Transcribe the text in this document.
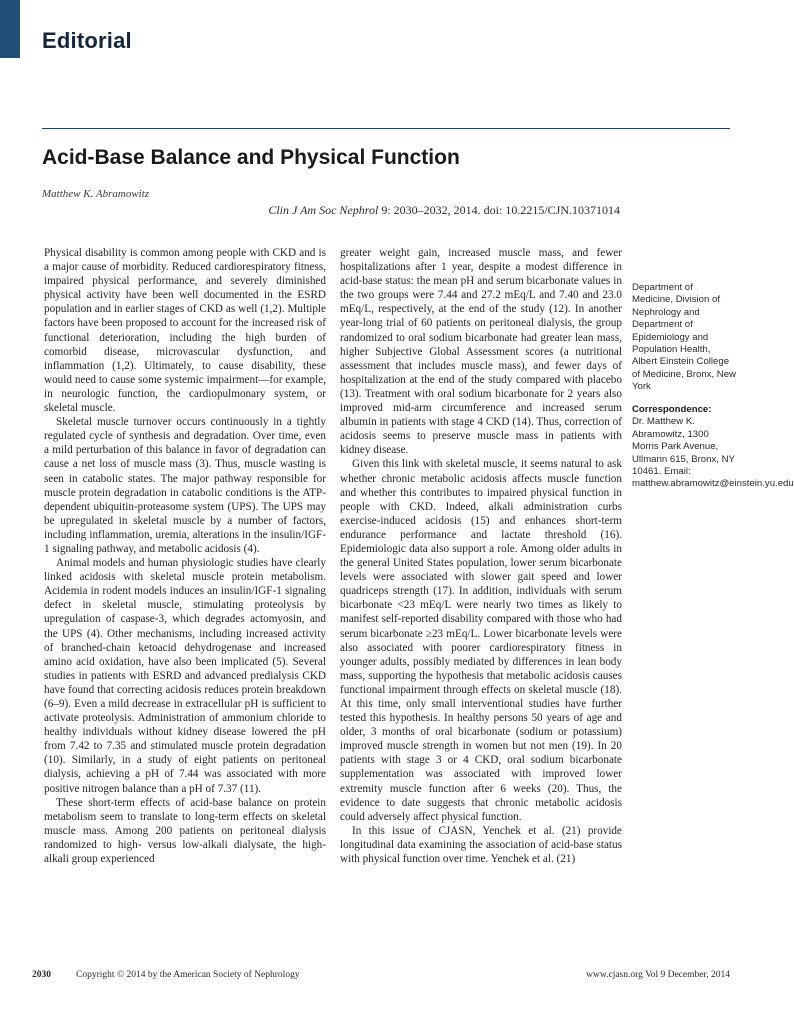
Editorial
Acid-Base Balance and Physical Function
Matthew K. Abramowitz
Clin J Am Soc Nephrol 9: 2030–2032, 2014. doi: 10.2215/CJN.10371014

Physical disability is common among people with CKD and is a major cause of morbidity. Reduced cardiorespiratory fitness, impaired physical performance, and severely diminished physical activity have been well documented in the ESRD population and in earlier stages of CKD as well (1,2). Multiple factors have been proposed to account for the increased risk of functional deterioration, including the high burden of comorbid disease, microvascular dysfunction, and inflammation (1,2). Ultimately, to cause disability, these would need to cause some systemic impairment—for example, in neurologic function, the cardiopulmonary system, or skeletal muscle.

Skeletal muscle turnover occurs continuously in a tightly regulated cycle of synthesis and degradation. Over time, even a mild perturbation of this balance in favor of degradation can cause a net loss of muscle mass (3). Thus, muscle wasting is seen in catabolic states. The major pathway responsible for muscle protein degradation in catabolic conditions is the ATP-dependent ubiquitin-proteasome system (UPS). The UPS may be upregulated in skeletal muscle by a number of factors, including inflammation, uremia, alterations in the insulin/IGF-1 signaling pathway, and metabolic acidosis (4).

Animal models and human physiologic studies have clearly linked acidosis with skeletal muscle protein metabolism. Acidemia in rodent models induces an insulin/IGF-1 signaling defect in skeletal muscle, stimulating proteolysis by upregulation of caspase-3, which degrades actomyosin, and the UPS (4). Other mechanisms, including increased activity of branched-chain ketoacid dehydrogenase and increased amino acid oxidation, have also been implicated (5). Several studies in patients with ESRD and advanced predialysis CKD have found that correcting acidosis reduces protein breakdown (6–9). Even a mild decrease in extracellular pH is sufficient to activate proteolysis. Administration of ammonium chloride to healthy individuals without kidney disease lowered the pH from 7.42 to 7.35 and stimulated muscle protein degradation (10). Similarly, in a study of eight patients on peritoneal dialysis, achieving a pH of 7.44 was associated with more positive nitrogen balance than a pH of 7.37 (11).

These short-term effects of acid-base balance on protein metabolism seem to translate to long-term effects on skeletal muscle mass. Among 200 patients on peritoneal dialysis randomized to high- versus low-alkali dialysate, the high-alkali group experienced

greater weight gain, increased muscle mass, and fewer hospitalizations after 1 year, despite a modest difference in acid-base status: the mean pH and serum bicarbonate values in the two groups were 7.44 and 27.2 mEq/L and 7.40 and 23.0 mEq/L, respectively, at the end of the study (12). In another year-long trial of 60 patients on peritoneal dialysis, the group randomized to oral sodium bicarbonate had greater lean mass, higher Subjective Global Assessment scores (a nutritional assessment that includes muscle mass), and fewer days of hospitalization at the end of the study compared with placebo (13). Treatment with oral sodium bicarbonate for 2 years also improved mid-arm circumference and increased serum albumin in patients with stage 4 CKD (14). Thus, correction of acidosis seems to preserve muscle mass in patients with kidney disease.

Given this link with skeletal muscle, it seems natural to ask whether chronic metabolic acidosis affects muscle function and whether this contributes to impaired physical function in people with CKD. Indeed, alkali administration curbs exercise-induced acidosis (15) and enhances short-term endurance performance and lactate threshold (16). Epidemiologic data also support a role. Among older adults in the general United States population, lower serum bicarbonate levels were associated with slower gait speed and lower quadriceps strength (17). In addition, individuals with serum bicarbonate <23 mEq/L were nearly two times as likely to manifest self-reported disability compared with those who had serum bicarbonate ≥23 mEq/L. Lower bicarbonate levels were also associated with poorer cardiorespiratory fitness in younger adults, possibly mediated by differences in lean body mass, supporting the hypothesis that metabolic acidosis causes functional impairment through effects on skeletal muscle (18). At this time, only small interventional studies have further tested this hypothesis. In healthy persons 50 years of age and older, 3 months of oral bicarbonate (sodium or potassium) improved muscle strength in women but not men (19). In 20 patients with stage 3 or 4 CKD, oral sodium bicarbonate supplementation was associated with improved lower extremity muscle function after 6 weeks (20). Thus, the evidence to date suggests that chronic metabolic acidosis could adversely affect physical function.

In this issue of CJASN, Yenchek et al. (21) provide longitudinal data examining the association of acid-base status with physical function over time. Yenchek et al. (21)

Department of Medicine, Division of Nephrology and Department of Epidemiology and Population Health, Albert Einstein College of Medicine, Bronx, New York
Correspondence:
Dr. Matthew K. Abramowitz, 1300 Morris Park Avenue, Ullmann 615, Bronx, NY 10461. Email: matthew.abramowitz@einstein.yu.edu
2030	Copyright © 2014 by the American Society of Nephrology	www.cjasn.org Vol 9 December, 2014
